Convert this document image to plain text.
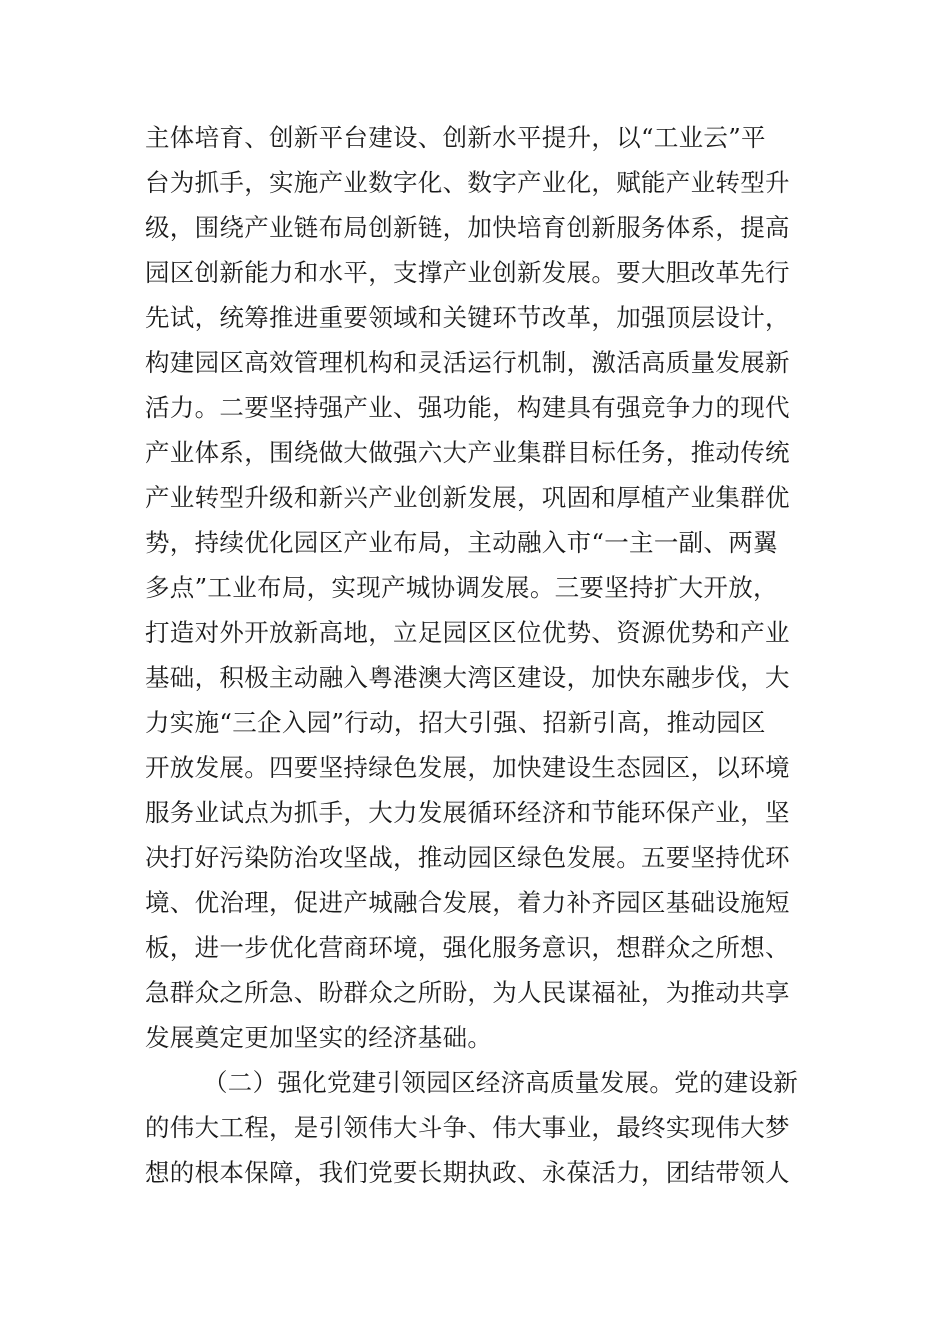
主体培育、创新平台建设、创新水平提升，以“工业云”平
台为抓手，实施产业数字化、数字产业化，赋能产业转型升
级，围绕产业链布局创新链，加快培育创新服务体系，提高
园区创新能力和水平，支撑产业创新发展。要大胆改革先行
先试，统筹推进重要领域和关键环节改革，加强顶层设计，
构建园区高效管理机构和灵活运行机制，激活高质量发展新
活力。二要坚持强产业、强功能，构建具有强竞争力的现代
产业体系，围绕做大做强六大产业集群目标任务，推动传统
产业转型升级和新兴产业创新发展，巩固和厚植产业集群优
势，持续优化园区产业布局，主动融入市“一主一副、两翼
多点”工业布局，实现产城协调发展。三要坚持扩大开放，
打造对外开放新高地，立足园区区位优势、资源优势和产业
基础，积极主动融入粤港澳大湾区建设，加快东融步伐，大
力实施“三企入园”行动，招大引强、招新引高，推动园区
开放发展。四要坚持绿色发展，加快建设生态园区，以环境
服务业试点为抓手，大力发展循环经济和节能环保产业，坚
决打好污染防治攻坚战，推动园区绿色发展。五要坚持优环
境、优治理，促进产城融合发展，着力补齐园区基础设施短
板，进一步优化营商环境，强化服务意识，想群众之所想、
急群众之所急、盼群众之所盼，为人民谋福祉，为推动共享
发展奠定更加坚实的经济基础。
（二）强化党建引领园区经济高质量发展。党的建设新
的伟大工程，是引领伟大斗争、伟大事业，最终实现伟大梦
想的根本保障，我们党要长期执政、永葆活力，团结带领人
